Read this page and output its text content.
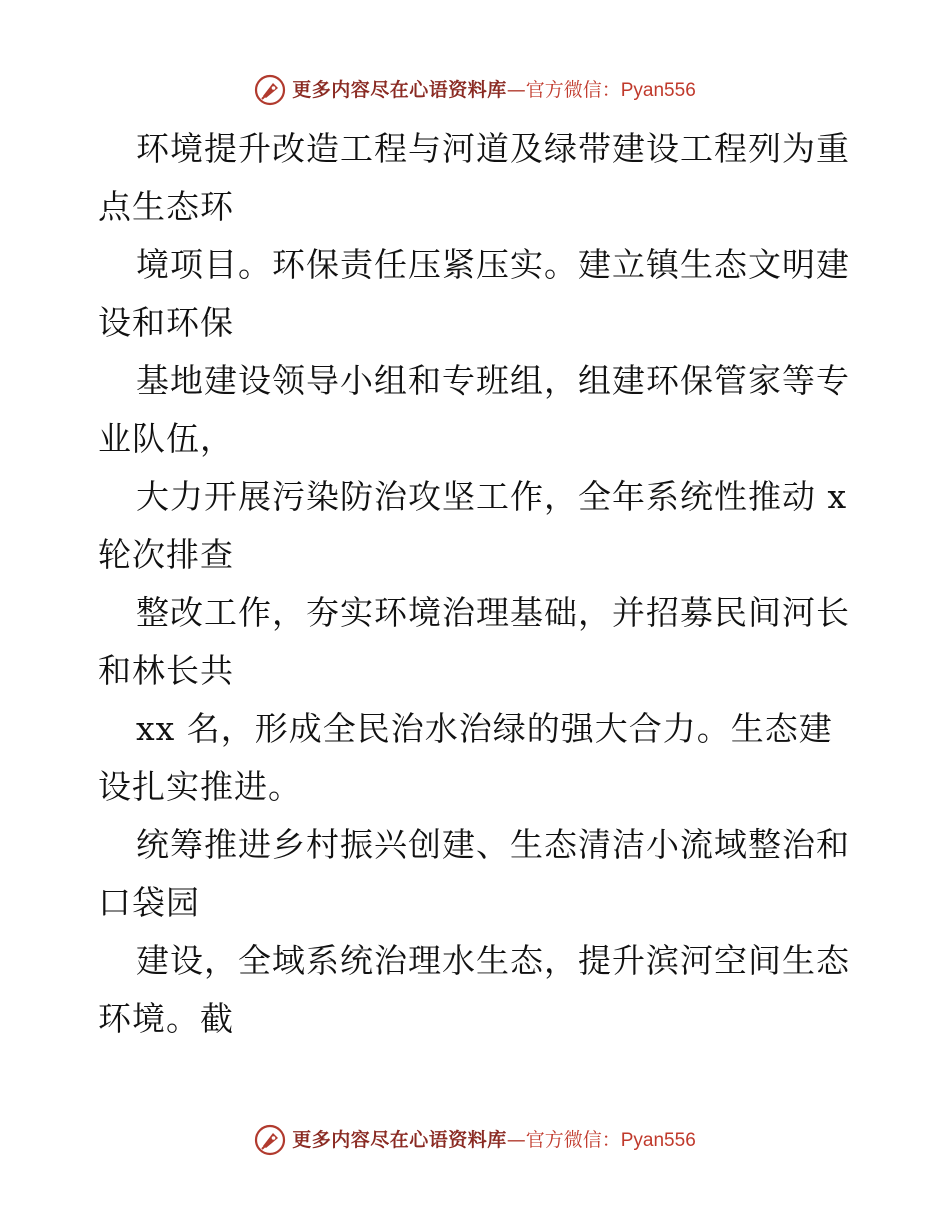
更多内容尽在心语资料库 — 官方微信：Pyan556

环境提升改造工程与河道及绿带建设工程列为重点生态环

境项目。环保责任压紧压实。建立镇生态文明建设和环保

基地建设领导小组和专班组，组建环保管家等专业队伍，

大力开展污染防治攻坚工作，全年系统性推动 x 轮次排查

整改工作，夯实环境治理基础，并招募民间河长和林长共

xx 名，形成全民治水治绿的强大合力。生态建设扎实推进。

统筹推进乡村振兴创建、生态清洁小流域整治和口袋园

建设，全域系统治理水生态，提升滨河空间生态环境。截

更多内容尽在心语资料库 — 官方微信：Pyan556
